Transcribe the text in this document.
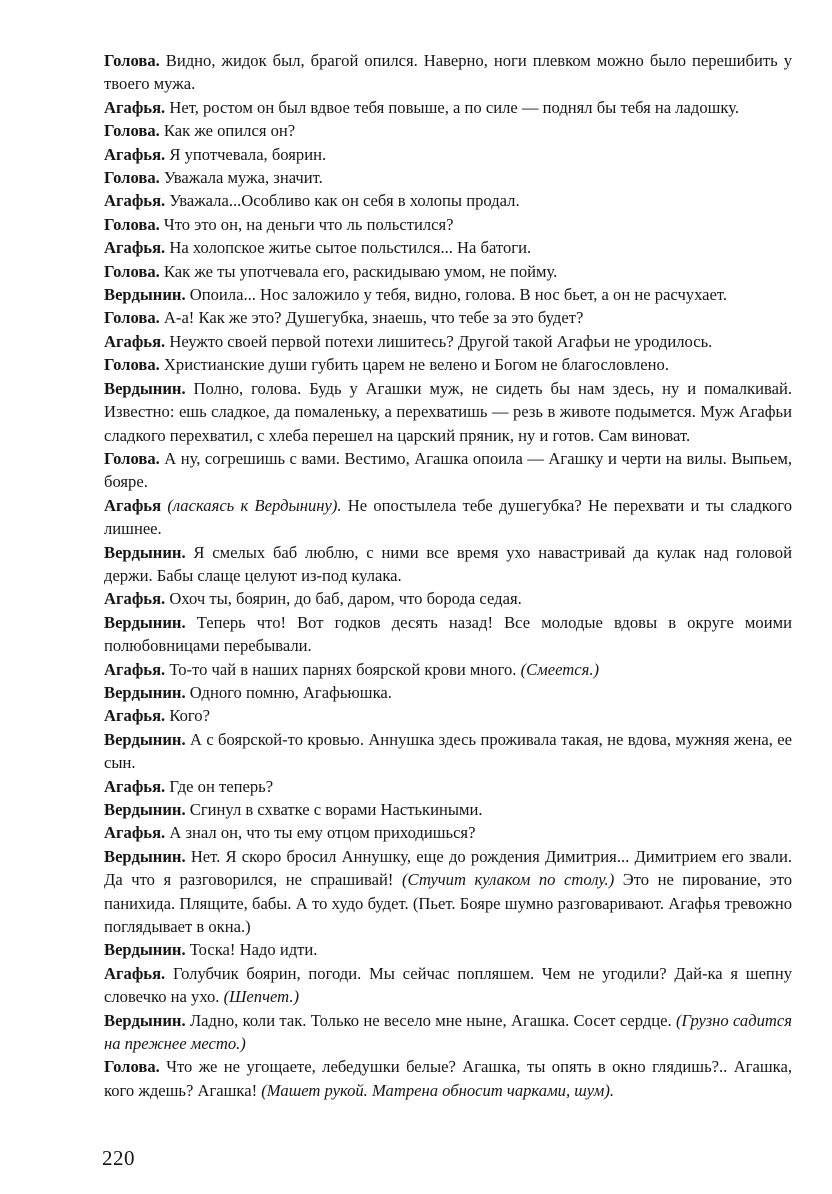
Голова. Видно, жидок был, брагой опился. Наверно, ноги плевком можно было перешибить у твоего мужа.

Агафья. Нет, ростом он был вдвое тебя повыше, а по силе — поднял бы тебя на ладошку.

Голова. Как же опился он?

Агафья. Я употчевала, боярин.

Голова. Уважала мужа, значит.

Агафья. Уважала...Особливо как он себя в холопы продал.

Голова. Что это он, на деньги что ль польстился?

Агафья. На холопское житье сытое польстился... На батоги.

Голова. Как же ты употчевала его, раскидываю умом, не пойму.

Вердынин. Опоила... Нос заложило у тебя, видно, голова. В нос бьет, а он не расчухает.

Голова. А-а! Как же это? Душегубка, знаешь, что тебе за это будет?

Агафья. Неужто своей первой потехи лишитесь? Другой такой Агафьи не уродилось.

Голова. Христианские души губить царем не велено и Богом не благословлено.

Вердынин. Полно, голова. Будь у Агашки муж, не сидеть бы нам здесь, ну и помалкивай. Известно: ешь сладкое, да помаленьку, а перехватишь — резь в животе подымется. Муж Агафьи сладкого перехватил, с хлеба перешел на царский пряник, ну и готов. Сам виноват.

Голова. А ну, согрешишь с вами. Вестимо, Агашка опоила — Агашку и черти на вилы. Выпьем, бояре.

Агафья (ласкаясь к Вердынину). Не опостылела тебе душегубка? Не перехвати и ты сладкого лишнее.

Вердынин. Я смелых баб люблю, с ними все время ухо навастривай да кулак над головой держи. Бабы слаще целуют из-под кулака.

Агафья. Охоч ты, боярин, до баб, даром, что борода седая.

Вердынин. Теперь что! Вот годков десять назад! Все молодые вдовы в округе моими полюбовницами перебывали.

Агафья. То-то чай в наших парнях боярской крови много. (Смеется.)

Вердынин. Одного помню, Агафьюшка.

Агафья. Кого?

Вердынин. А с боярской-то кровью. Аннушка здесь проживала такая, не вдова, мужняя жена, ее сын.

Агафья. Где он теперь?

Вердынин. Сгинул в схватке с ворами Настькиными.

Агафья. А знал он, что ты ему отцом приходишься?

Вердынин. Нет. Я скоро бросил Аннушку, еще до рождения Димитрия... Димитрием его звали. Да что я разговорился, не спрашивай! (Стучит кулаком по столу.) Это не пирование, это панихида. Плящите, бабы. А то худо будет. (Пьет. Бояре шумно разговаривают. Агафья тревожно поглядывает в окна.)

Вердынин. Тоска! Надо идти.

Агафья. Голубчик боярин, погоди. Мы сейчас попляшем. Чем не угодили? Дай-ка я шепну словечко на ухо. (Шепчет.)

Вердынин. Ладно, коли так. Только не весело мне ныне, Агашка. Сосет сердце. (Грузно садится на прежнее место.)

Голова. Что же не угощаете, лебедушки белые? Агашка, ты опять в окно глядишь?.. Агашка, кого ждешь? Агашка! (Машет рукой. Матрена обносит чарками, шум).

220
